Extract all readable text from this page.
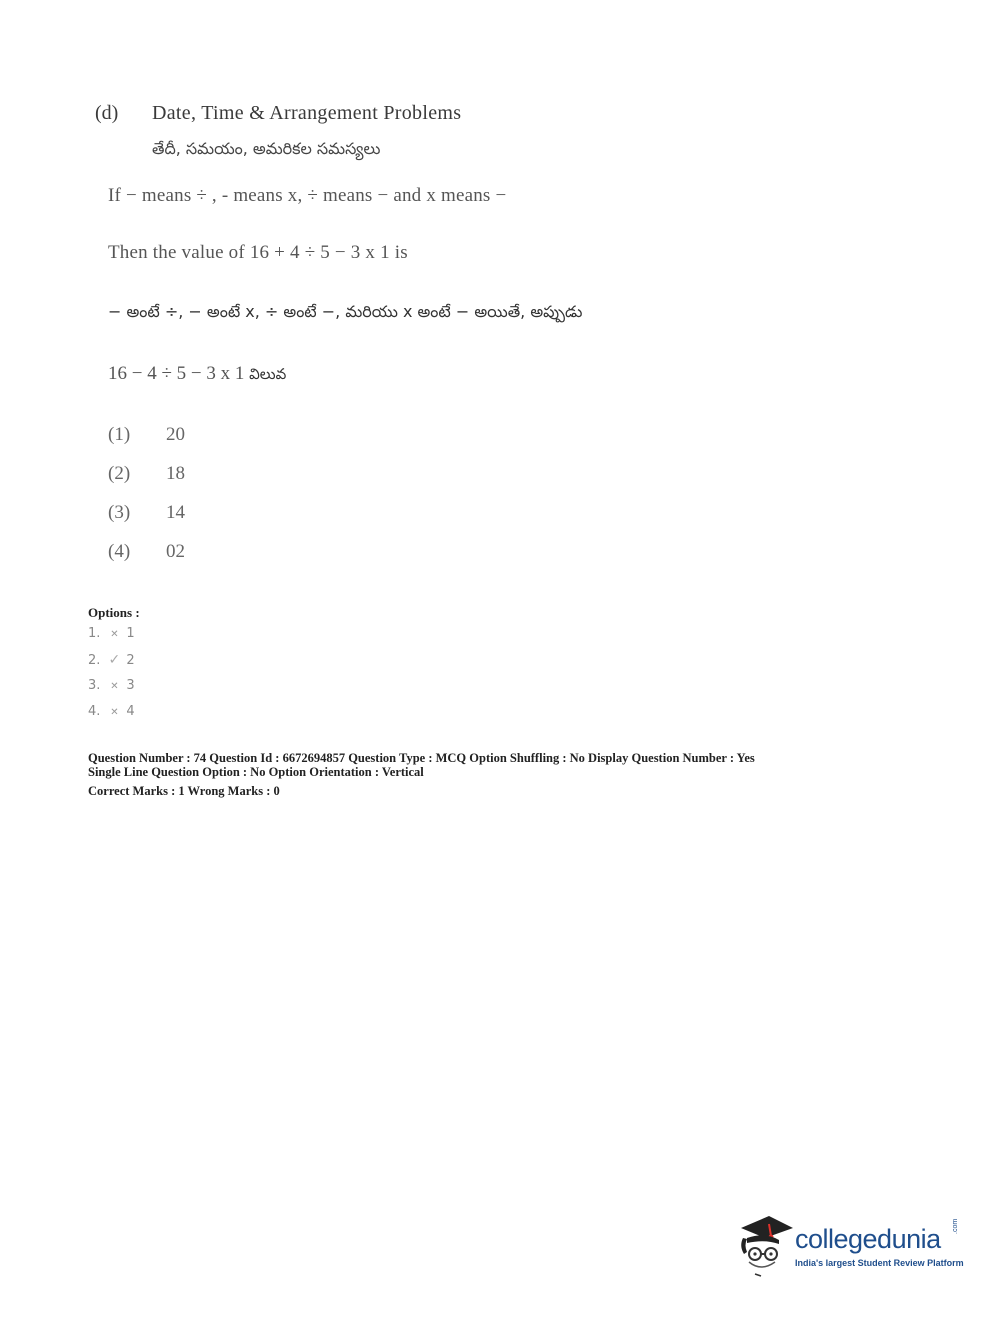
(d) Date, Time & Arrangement Problems
తేదీ, సమయం, అమరికల సమస్యలు
If − means ÷ , - means x, ÷ means − and x means −
Then the value of 16 + 4 ÷ 5 − 3 x 1 is
− అంటే ÷, − అంటే x, ÷ అంటే −, మరియు x అంటే − అయితే, అప్పుడు
16 − 4 ÷ 5 − 3 x 1 విలువ
(1) 20
(2) 18
(3) 14
(4) 02
Options :
1. ✕ 1
2. ✓ 2
3. ✕ 3
4. ✕ 4
Question Number : 74 Question Id : 6672694857 Question Type : MCQ Option Shuffling : No Display Question Number : Yes
Single Line Question Option : No Option Orientation : Vertical
Correct Marks : 1 Wrong Marks : 0
collegedunia .com
India's largest Student Review Platform
